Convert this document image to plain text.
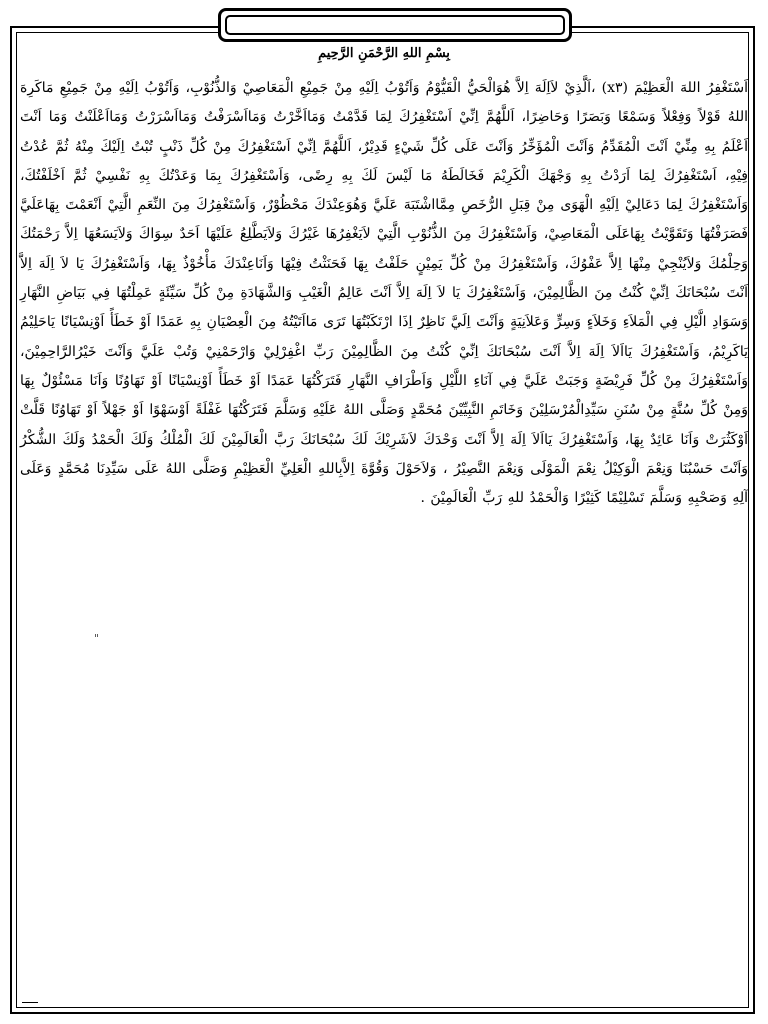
بِسْمِ اللهِ الرَّحْمَنِ الرَّحِيمِ
اَسْتَغْفِرُ اللهَ الْعَظِيْمَ (x٣) ،اَلَّذِيْ لاَاِلَهَ اِلاَّ هُوَالْحَيُّ الْقَيُّوْمُ وَاَتُوْبُ اِلَيْهِ مِنْ جَمِيْعِ الْمَعَاصِيْ وَالذُّنُوْبِ، وَاَتُوْبُ اِلَيْهِ مِنْ جَمِيْعِ مَاكَرِهَ اللهُ قَوْلاً وَفِعْلاً وَسَمْعًا وَبَصَرًا وَحَاضِرًا، اَللَّهُمَّ اِنِّيْ اَسْتَغْفِرُكَ لِمَا قَدَّمْتُ وَمَااَخَّرْتُ وَمَااَسْرَفْتُ وَمَااَسْرَرْتُ وَمَااَعْلَنْتُ وَمَا اَنْتَ اَعْلَمُ بِهِ مِنِّيْ اَنْتَ الْمُقَدِّمُ وَاَنْتَ الْمُؤَخِّرُ وَاَنْتَ عَلَى كُلِّ شَيْءٍ قَدِيْرٌ، اَللَّهُمَّ اِنِّيْ اَسْتَغْفِرُكَ مِنْ كُلِّ ذَنْبٍ تُبْتُ اِلَيْكَ مِنْهُ ثُمَّ عُدْتُ فِيْهِ، اَسْتَغْفِرُكَ لِمَا اَرَدْتُ بِهِ وَجْهَكَ الْكَرِيْمَ فَخَالَطَهُ مَا لَيْسَ لَكَ بِهِ رِضًى، وَاَسْتَغْفِرُكَ بِمَا وَعَدْتُكَ بِهِ نَفْسِيْ ثُمَّ اَخْلَفْتُكَ، وَاَسْتَغْفِرُكَ لِمَا دَعَالِيْ اِلَيْهِ الْهَوَى مِنْ قِبَلِ الرُّخَصِ مِمَّااشْتَبَهَ عَلَيَّ وَهُوَعِنْدَكَ مَحْظُوْرٌ، وَاَسْتَغْفِرُكَ مِنَ النِّعَمِ الَّتِيْ اَنْعَمْتَ بِهَاعَلَيَّ فَصَرَفْتُهَا وَتَقَوَّيْتُ بِهَاعَلَى الْمَعَاصِيْ، وَاَسْتَغْفِرُكَ مِنَ الذُّنُوْبِ الَّتِيْ لاَيَغْفِرُهَا غَيْرُكَ وَلاَيَطَّلِعُ عَلَيْهَا اَحَدٌ سِوَاكَ وَلاَيَسَعُهَا اِلاَّ رَحْمَتُكَ وَحِلْمُكَ وَلاَيُنْجِيْ مِنْهَا اِلاَّ عَفْوُكَ، وَاَسْتَغْفِرُكَ مِنْ كُلِّ يَمِيْنٍ حَلَفْتُ بِهَا فَحَنَثْتُ فِيْهَا وَاَنَاعِنْدَكَ مَأْخُوْذٌ بِهَا، وَاَسْتَغْفِرُكَ يَا لاَ اِلَهَ اِلاَّ اَنْتَ سُبْحَانَكَ اِنِّيْ كُنْتُ مِنَ الظَّالِمِيْنَ، وَاَسْتَغْفِرُكَ يَا لاَ اِلَهَ اِلاَّ اَنْتَ عَالِمُ الْغَيْبِ وَالشَّهَادَةِ مِنْ كُلِّ سَيِّئَةٍ عَمِلْتُهَا فِي بَيَاضِ النَّهَارِ وَسَوَادِ الَّيْلِ فِي الْمَلاَءِ وَخَلاَءٍ وَسِرٍّ وَعَلاَنِيَةٍ وَاَنْتَ اِلَيَّ نَاظِرٌ اِذَا ارْتَكَبْتُهَا تَرَى مَااَتَيْتُهُ مِنَ الْعِصْيَانِ بِهِ عَمَدًا اَوْ خَطَأً اَوْنِسْيَانًا يَاحَلِيْمُ يَاكَرِيْمُ، وَاَسْتَغْفِرُكَ يَااَلاَ اِلَهَ اِلاَّ اَنْتَ سُبْحَانَكَ اِنِّيْ كُنْتُ مِنَ الظَّالِمِيْنَ رَبِّ اغْفِرْلِيْ وَارْحَمْنِيْ وَتُبْ عَلَيَّ وَاَنْتَ خَيْرُالرَّاحِمِيْنَ، وَاَسْتَغْفِرُكَ مِنْ كُلِّ فَرِيْضَةٍ وَجَبَتْ عَلَيَّ فِي آنَاءِ اللَّيْلِ وَاَطْرَافِ النَّهَارِ فَتَرَكْتُهَا عَمَدًا اَوْ خَطَأً اَوْنِسْيَانًا اَوْ تَهَاوُنًا وَاَنَا مَسْئُوْلٌ بِهَا وَمِنْ كُلِّ سُنَّةٍ مِنْ سُنَنِ سَيِّدِالْمُرْسَلِيْنَ وَخَاتَمِ النَّبِيِّيْنَ مُحَمَّدٍ وَصَلَّى اللهُ عَلَيْهِ وَسَلَّمَ فَتَرَكْتُهَا غَفْلَةً اَوْسَهْوًا اَوْ جَهْلاً اَوْ تَهَاوُنًا قَلَّتْ اَوْكَثُرَتْ وَاَنَا عَائِدٌ بِهَا، وَاَسْتَغْفِرُكَ يَااَلاَ اِلَهَ اِلاَّ اَنْتَ وَحْدَكَ لاَشَرِيْكَ لَكَ سُبْحَانَكَ رَبَّ الْعَالَمِيْنَ لَكَ الْمُلْكُ وَلَكَ الْحَمْدُ وَلَكَ الشُّكْرُ وَاَنْتَ حَسْبُنَا وَنِعْمَ الْوَكِيْلُ نِعْمَ الْمَوْلَى وَنِعْمَ النَّصِيْرُ ، وَلاَحَوْلَ وَقُوَّةَ اِلاَّبِاللهِ الْعَلِيِّ الْعَظِيْمِ وَصَلَّى اللهُ عَلَى سَيِّدِنَا مُحَمَّدٍ وَعَلَى آلِهِ وَصَحْبِهِ وَسَلَّمَ تَسْلِيْمًا كَثِيْرًا وَالْحَمْدُ للهِ رَبِّ الْعَالَمِيْنَ .
"
